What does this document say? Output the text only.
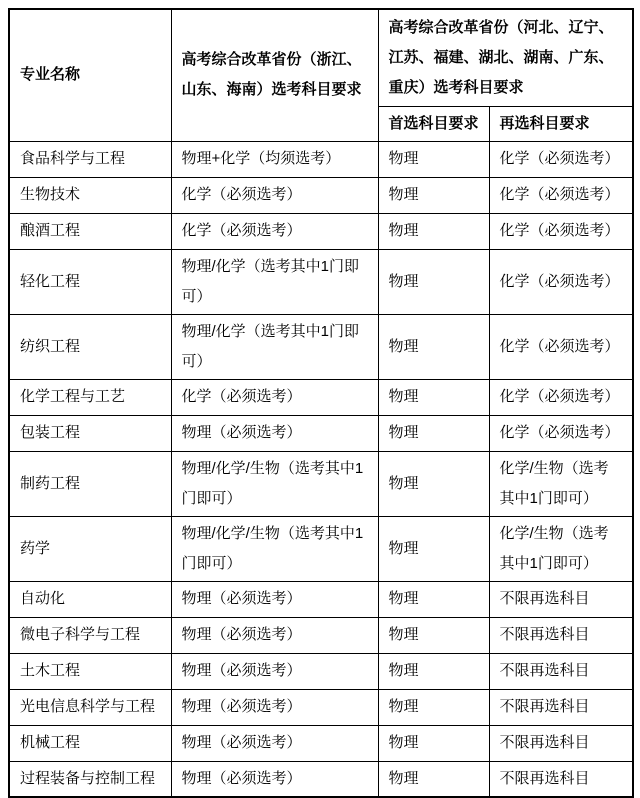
专业名称	高考综合改革省份（浙江、山东、海南）选考科目要求	高考综合改革省份（河北、辽宁、江苏、福建、湖北、湖南、广东、重庆）选考科目要求	
		首选科目要求	再选科目要求
食品科学与工程	物理+化学（均须选考）	物理	化学（必须选考）
生物技术	化学（必须选考）	物理	化学（必须选考）
酿酒工程	化学（必须选考）	物理	化学（必须选考）
轻化工程	物理/化学（选考其中1门即可）	物理	化学（必须选考）
纺织工程	物理/化学（选考其中1门即可）	物理	化学（必须选考）
化学工程与工艺	化学（必须选考）	物理	化学（必须选考）
包装工程	物理（必须选考）	物理	化学（必须选考）
制药工程	物理/化学/生物（选考其中1门即可）	物理	化学/生物（选考其中1门即可）
药学	物理/化学/生物（选考其中1门即可）	物理	化学/生物（选考其中1门即可）
自动化	物理（必须选考）	物理	不限再选科目
微电子科学与工程	物理（必须选考）	物理	不限再选科目
土木工程	物理（必须选考）	物理	不限再选科目
光电信息科学与工程	物理（必须选考）	物理	不限再选科目
机械工程	物理（必须选考）	物理	不限再选科目
过程装备与控制工程	物理（必须选考）	物理	不限再选科目
